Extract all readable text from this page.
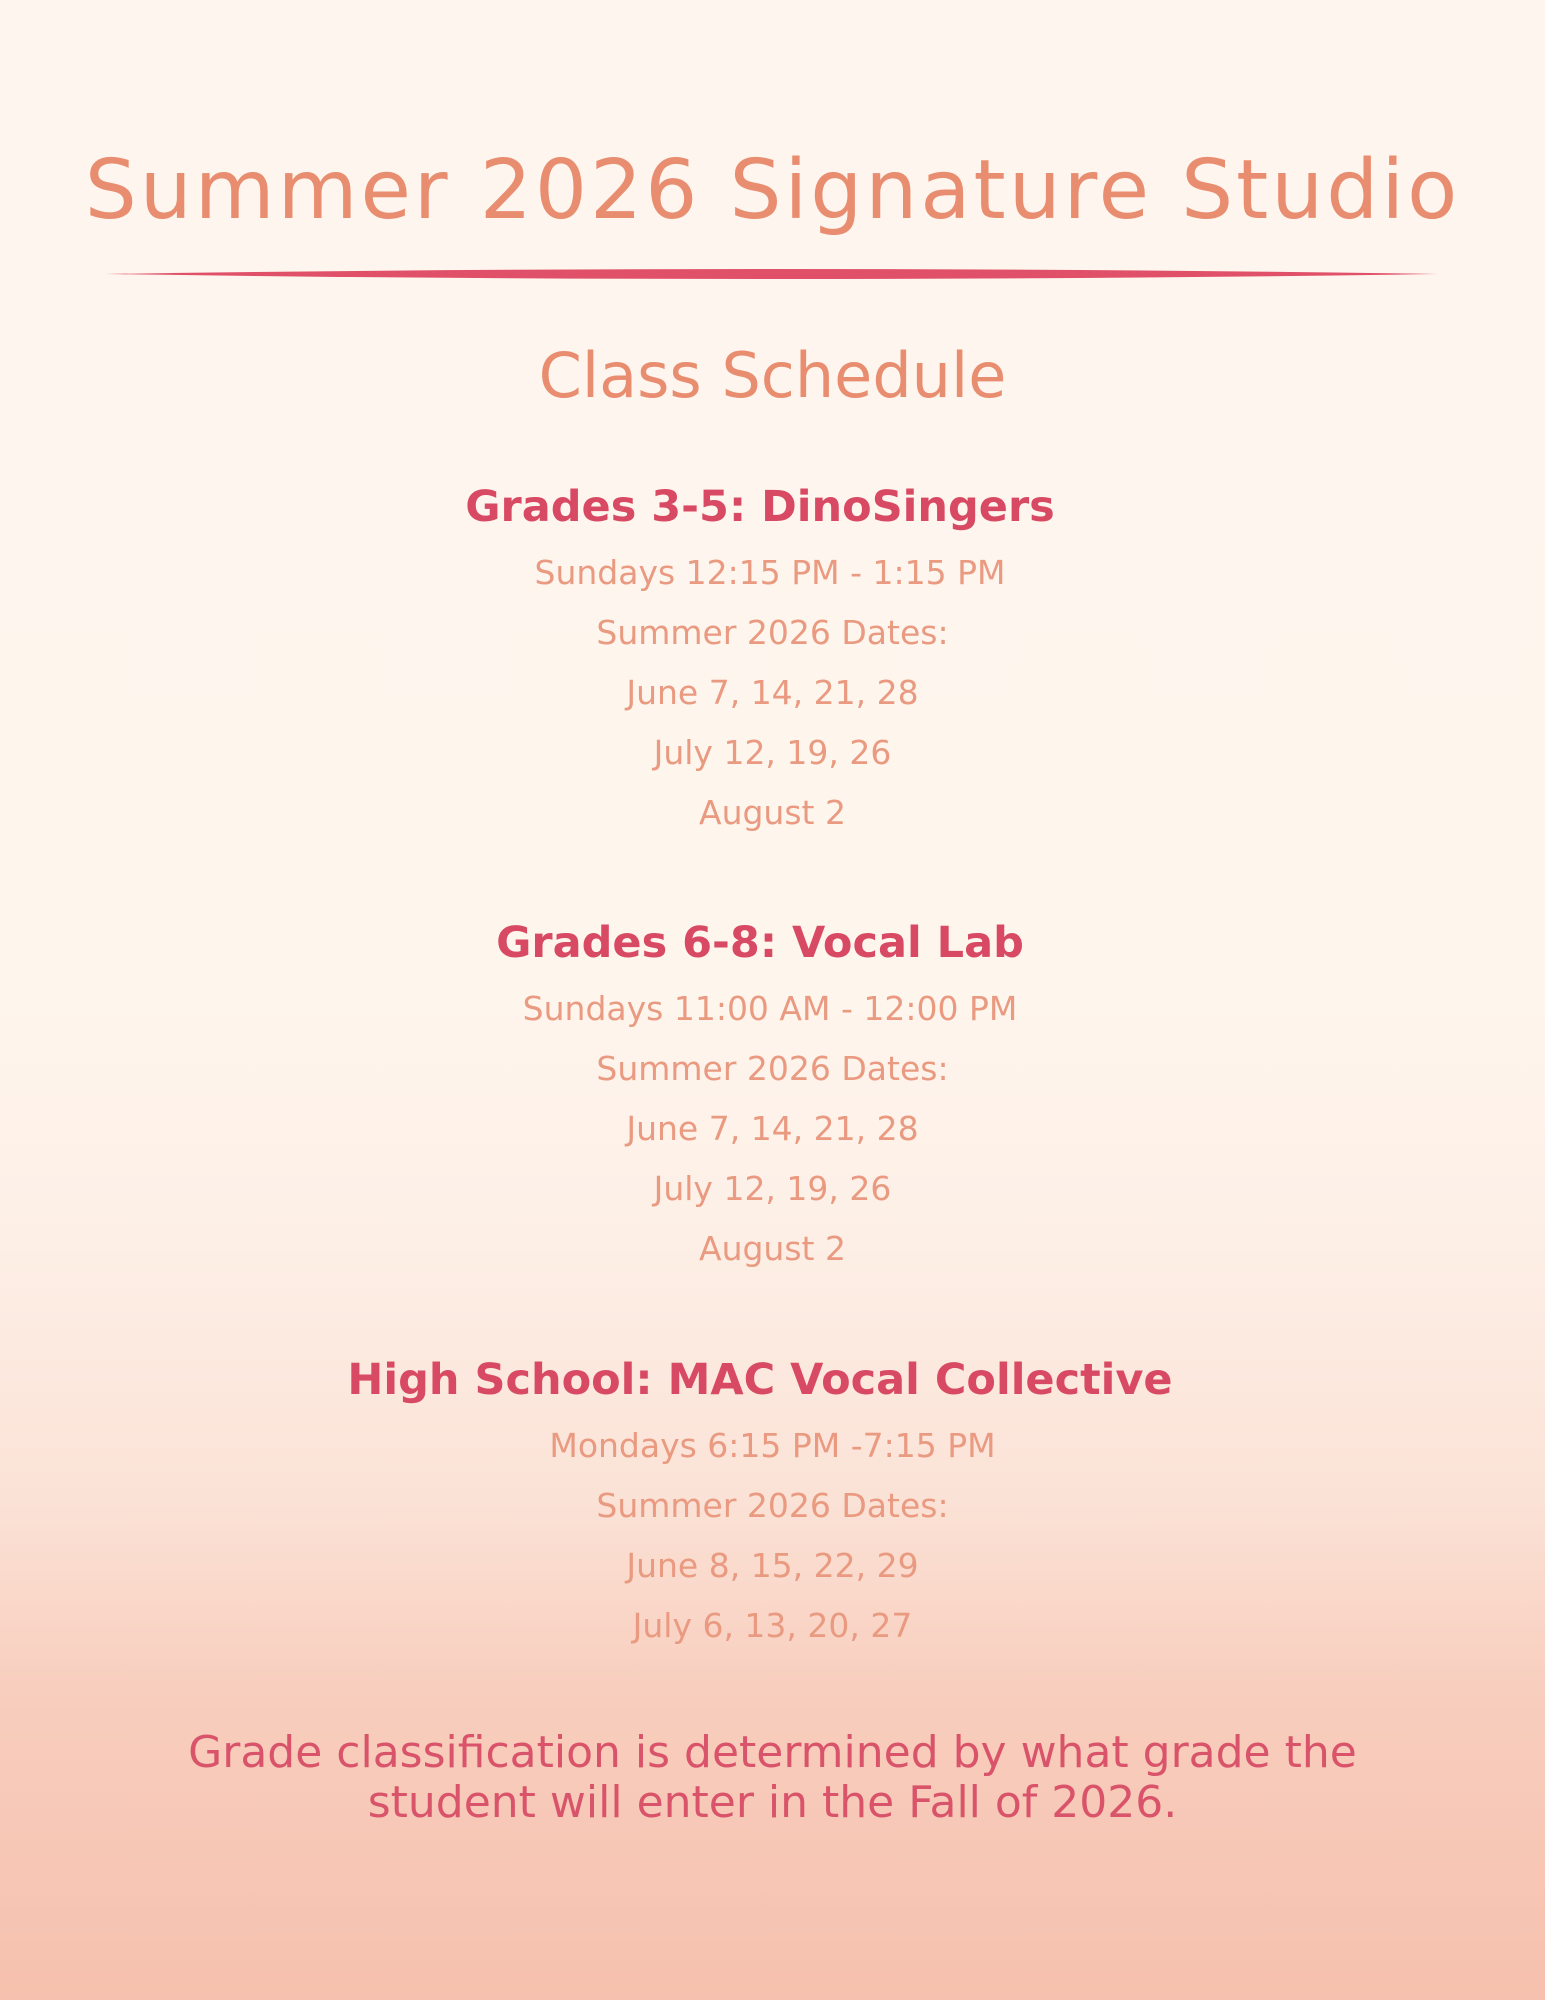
Summer 2026 Signature Studio
Class Schedule
Grades 3-5: DinoSingers
Sundays 12:15 PM - 1:15 PM
Summer 2026 Dates:
June 7, 14, 21, 28
July 12, 19, 26
August 2
Grades 6-8: Vocal Lab
Sundays 11:00 AM - 12:00 PM
Summer 2026 Dates:
June 7, 14, 21, 28
July 12, 19, 26
August 2
High School: MAC Vocal Collective
Mondays 6:15 PM -7:15 PM
Summer 2026 Dates:
June 8, 15, 22, 29
July 6, 13, 20, 27
Grade classification is determined by what grade the
student will enter in the Fall of 2026.
